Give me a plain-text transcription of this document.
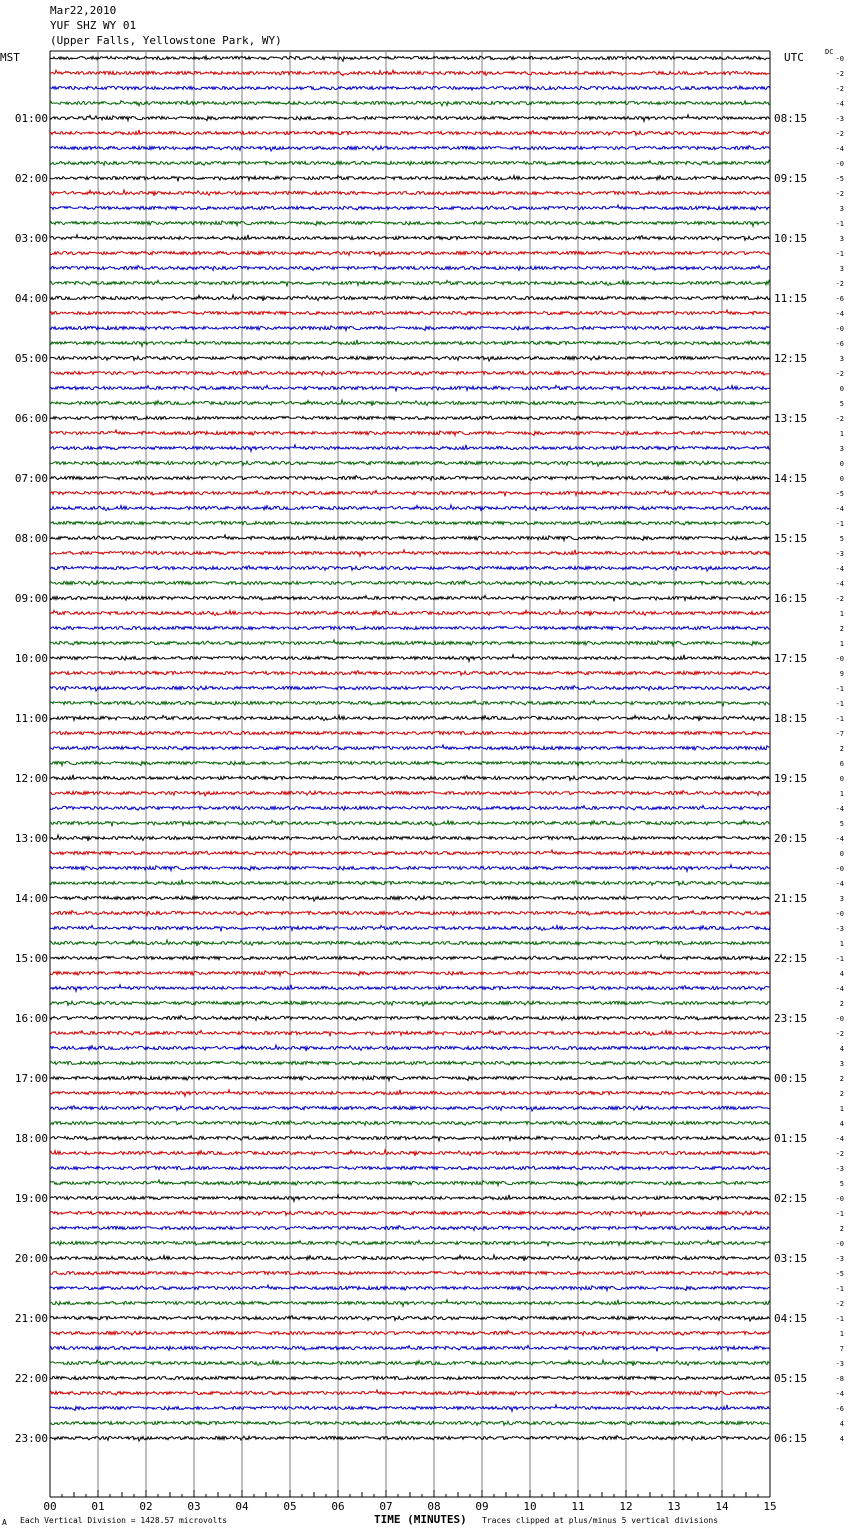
Mar22,2010
YUF SHZ WY 01
(Upper Falls, Yellowstone Park, WY)
MST	UTC	DC
-0
-2
-2
-4
-3
-2
-4
-0
-5
-2
3
-1
3
-1
3
-2
-6
-4
-0
-6
3
-2
0
5
-2
1
3
0
0
-5
-4
-1
5
-3
-4
-4
-2
1
2
1
-0
9
-1
-1
-1
-7
2
6
0
1
-4
5
-4
0
-0
-4
3
-0
-3
1
-1
4
-4
2
-0
-2
4
3
2
2
1
4
-4
-2
-3
5
-0
-1
2
-0
-3
-5
-1
-2
-1
1
7
-3
-8
-4
-6
4
4
01:00
02:00
03:00
04:00
05:00
06:00
07:00
08:00
09:00
10:00
11:00
12:00
13:00
14:00
15:00
16:00
17:00
18:00
19:00
20:00
21:00
22:00
23:00
08:15
09:15
10:15
11:15
12:15
13:15
14:15
15:15
16:15
17:15
18:15
19:15
20:15
21:15
22:15
23:15
00:15
01:15
02:15
03:15
04:15
05:15
06:15
00	01	02	03	04	05	06	07	08	09	10	11	12	13	14	15
A Each Vertical Division = 1428.57 microvolts	TIME (MINUTES) Traces clipped at plus/minus 5 vertical divisions
